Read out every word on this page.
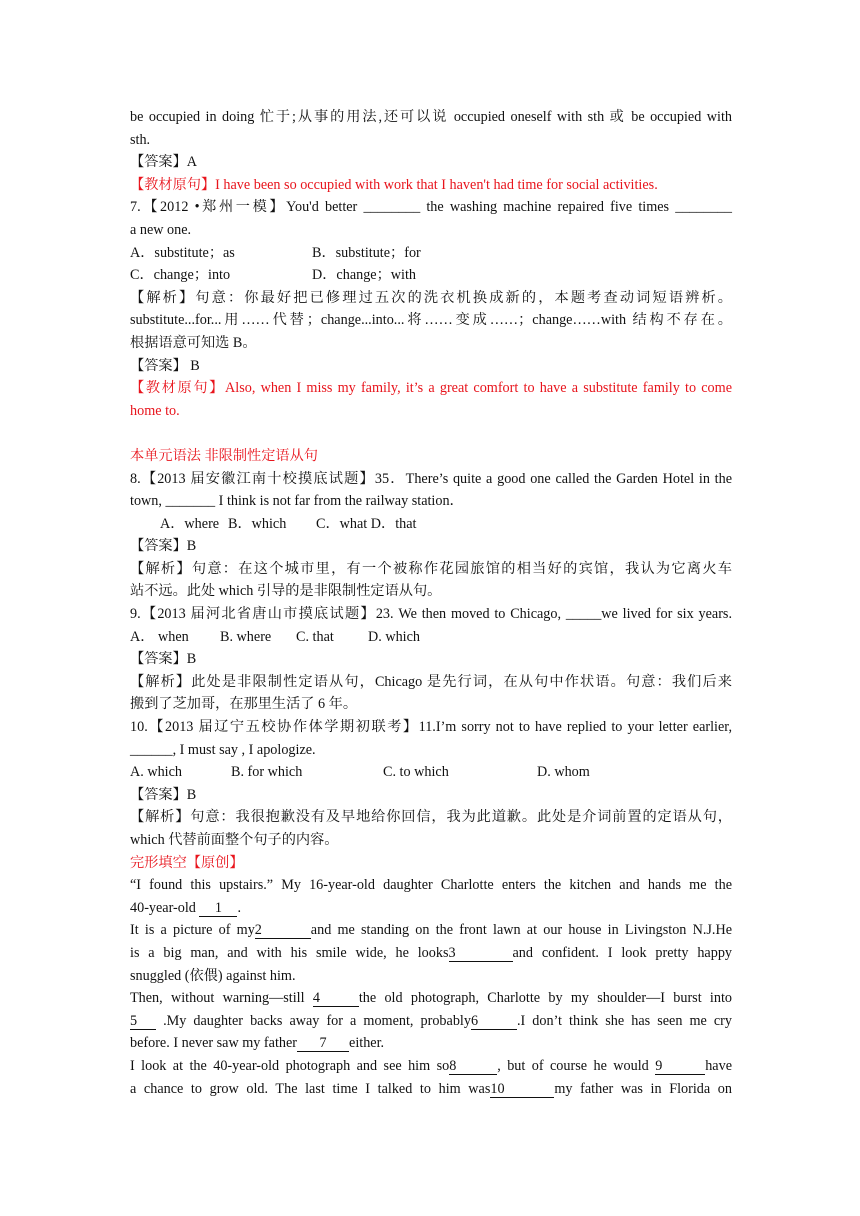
be occupied in doing 忙于;从事的用法,还可以说 occupied oneself with sth 或 be occupied with
sth.
【答案】A
【教材原句】I have been so occupied with work that I haven't had time for social activities.
7.【2012 •郑州一模】You'd better ________ the washing machine repaired five times ________
a new one.
A．substitute；as	B．substitute；for
C．change；into	D．change；with
【解析】句意：你最好把已修理过五次的洗衣机换成新的，本题考查动词短语辨析。
substitute...for...用……代替；change...into...将……变成……；change……with 结构不存在。
根据语意可知选 B。
【答案】 B
【教材原句】Also, when I miss my family, it’s a great comfort to have a substitute family to come
home to.
本单元语法 非限制性定语从句
8.【2013 届安徽江南十校摸底试题】35．There’s quite a good one called the Garden Hotel in the
town, _______ I think is not far from the railway station．
A．where B．which C．what D．that
【答案】B
【解析】句意：在这个城市里，有一个被称作花园旅馆的相当好的宾馆，我认为它离火车
站不远。此处 which 引导的是非限制性定语从句。
9.【2013 届河北省唐山市摸底试题】23. We then moved to Chicago, _____we lived for six years.
A． when B. where C. that D. which
【答案】B
【解析】此处是非限制性定语从句，Chicago 是先行词，在从句中作状语。句意：我们后来
搬到了芝加哥，在那里生活了 6 年。
10.【2013 届辽宁五校协作体学期初联考】11.I’m sorry not to have replied to your letter earlier,
______, I must say , I apologize.
A. which	B. for which	C. to which	D. whom
【答案】B
【解析】句意：我很抱歉没有及早地给你回信，我为此道歉。此处是介词前置的定语从句，
which 代替前面整个句子的内容。
完形填空【原创】
“I found this upstairs.” My 16-year-old daughter Charlotte enters the kitchen and hands me the
40-year-old 1 .
It is a picture of my2	and me standing on the front lawn at our house in Livingston N.J.He
is a big man, and with his smile wide, he looks3	and confident. I look pretty happy
snuggled (依偎) against him.
Then, without warning—still 4	the old photograph, Charlotte by my shoulder—I burst into
5 .My daughter backs away for a moment, probably6	.I don’t think she has seen me cry
before. I never saw my father 7 either.
I look at the 40-year-old photograph and see him so8	, but of course he would 9	have
a chance to grow old. The last time I talked to him was10	my father was in Florida on
